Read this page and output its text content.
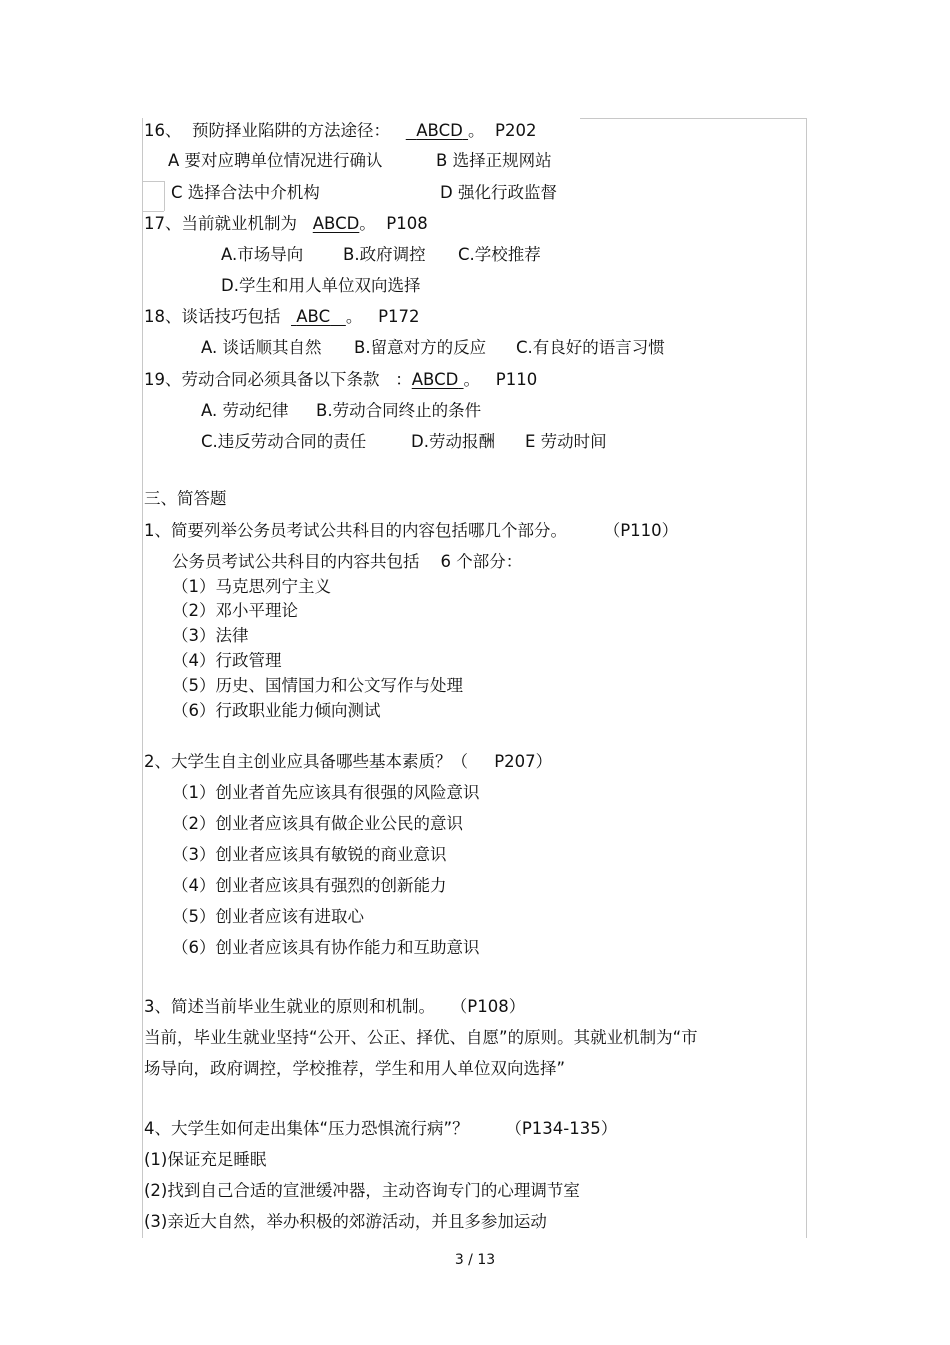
16、 预防择业陷阱的方法途径： ABCD 。 P202
A 要对应聘单位情况进行确认	B 选择正规网站
C 选择合法中介机构	D 强化行政监督
17、当前就业机制为 ABCD。 P108
A.市场导向 B.政府调控 C.学校推荐
D.学生和用人单位双向选择
18、谈话技巧包括 ABC 。 P172
A. 谈话顺其自然 B.留意对方的反应 C.有良好的语言习惯
19、劳动合同必须具备以下条款 ：ABCD 。 P110
A. 劳动纪律 B.劳动合同终止的条件
C.违反劳动合同的责任	D.劳动报酬 E 劳动时间
三、简答题
1、简要列举公务员考试公共科目的内容包括哪几个部分。 （P110）
公务员考试公共科目的内容共包括 6 个部分：
（1）马克思列宁主义
（2）邓小平理论
（3）法律
（4）行政管理
（5）历史、国情国力和公文写作与处理
（6）行政职业能力倾向测试
2、大学生自主创业应具备哪些基本素质？（ P207）
（1）创业者首先应该具有很强的风险意识
（2）创业者应该具有做企业公民的意识
（3）创业者应该具有敏锐的商业意识
（4）创业者应该具有强烈的创新能力
（5）创业者应该有进取心
（6）创业者应该具有协作能力和互助意识
3、简述当前毕业生就业的原则和机制。 （P108）
当前，毕业生就业坚持“公开、公正、择优、自愿”的原则。其就业机制为“市
场导向，政府调控，学校推荐，学生和用人单位双向选择”
4、大学生如何走出集体“压力恐惧流行病”？ （P134-135）
(1)保证充足睡眠
(2)找到自己合适的宣泄缓冲器，主动咨询专门的心理调节室
(3)亲近大自然，举办积极的郊游活动，并且多参加运动
3 / 13
